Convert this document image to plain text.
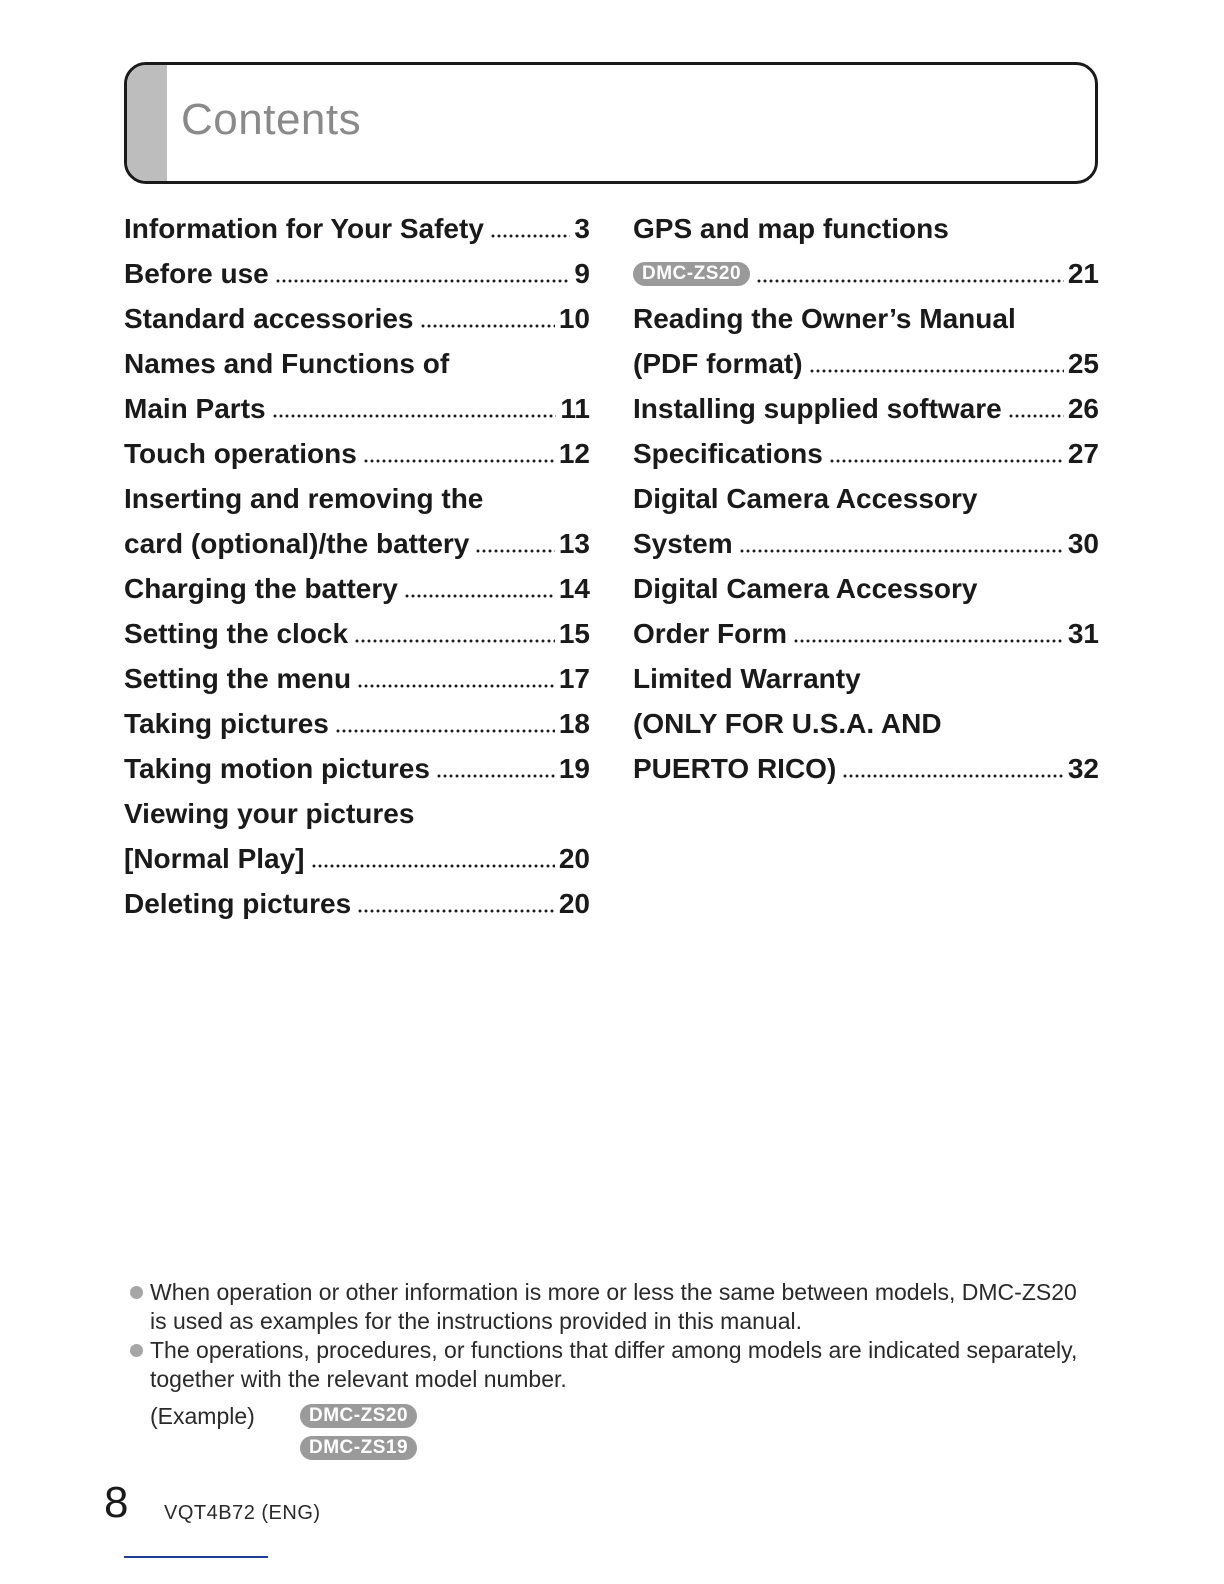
Contents
Information for Your Safety	3
Before use	9
Standard accessories	10
Names and Functions of
Main Parts	11
Touch operations	12
Inserting and removing the
card (optional)/the battery	13
Charging the battery	14
Setting the clock	15
Setting the menu	17
Taking pictures	18
Taking motion pictures	19
Viewing your pictures
[Normal Play]	20
Deleting pictures	20
GPS and map functions
DMC-ZS20	21
Reading the Owner’s Manual
(PDF format)	25
Installing supplied software 26
Specifications	27
Digital Camera Accessory
System	30
Digital Camera Accessory
Order Form	31
Limited Warranty
(ONLY FOR U.S.A. AND
PUERTO RICO)	32
When operation or other information is more or less the same between models, DMC-ZS20 is used as examples for the instructions provided in this manual.
The operations, procedures, or functions that differ among models are indicated separately, together with the relevant model number.
(Example)	DMC-ZS20
DMC-ZS19
8 VQT4B72 (ENG)
